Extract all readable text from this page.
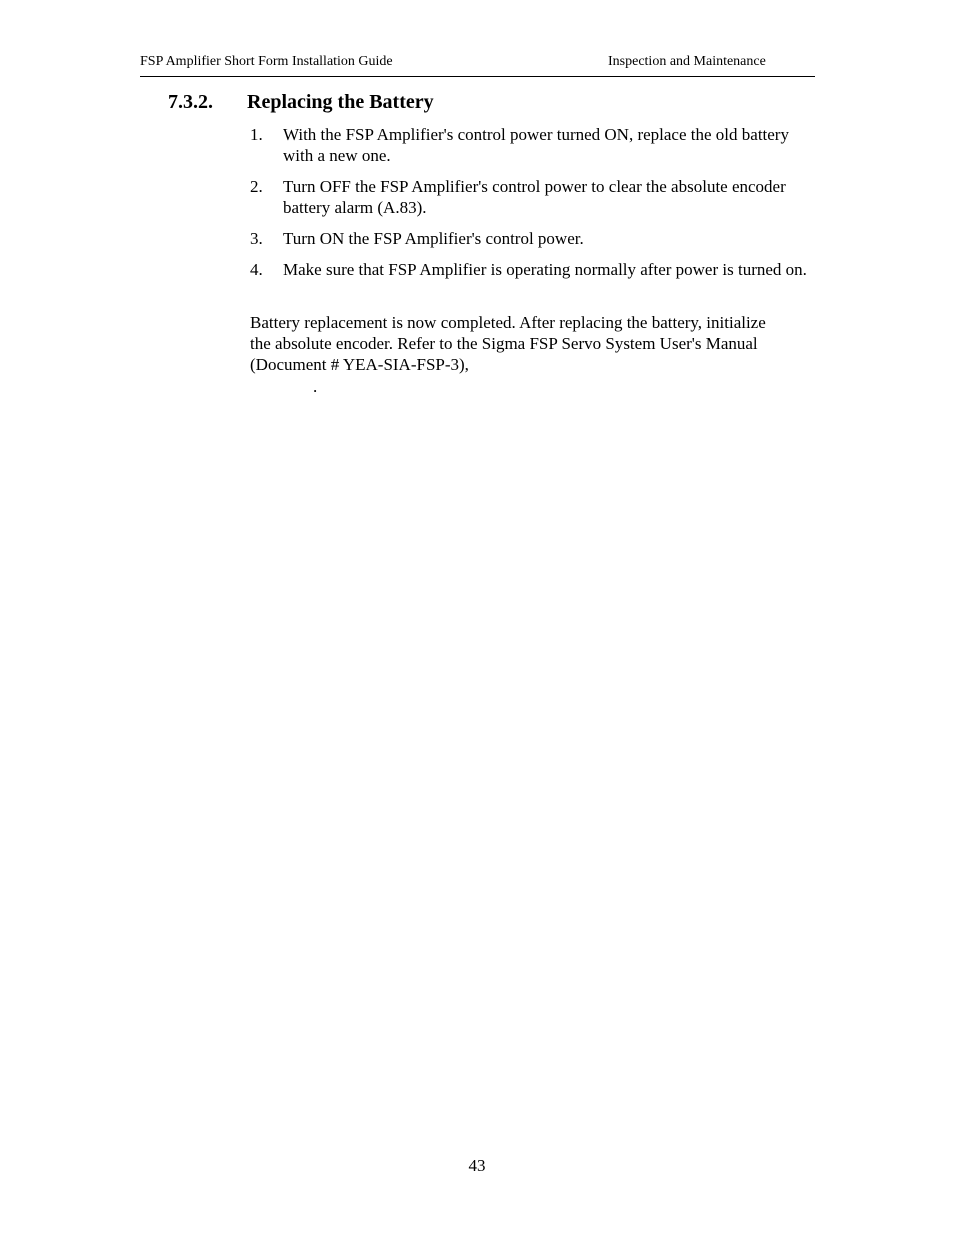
FSP Amplifier Short Form Installation Guide	Inspection and Maintenance
7.3.2. Replacing the Battery
1. With the FSP Amplifier's control power turned ON, replace the old battery with a new one.
2. Turn OFF the FSP Amplifier's control power to clear the absolute encoder battery alarm (A.83).
3. Turn ON the FSP Amplifier's control power.
4. Make sure that FSP Amplifier is operating normally after power is turned on.
Battery replacement is now completed. After replacing the battery, initialize the absolute encoder. Refer to the Sigma FSP Servo System User's Manual (Document # YEA-SIA-FSP-3),
.
43
